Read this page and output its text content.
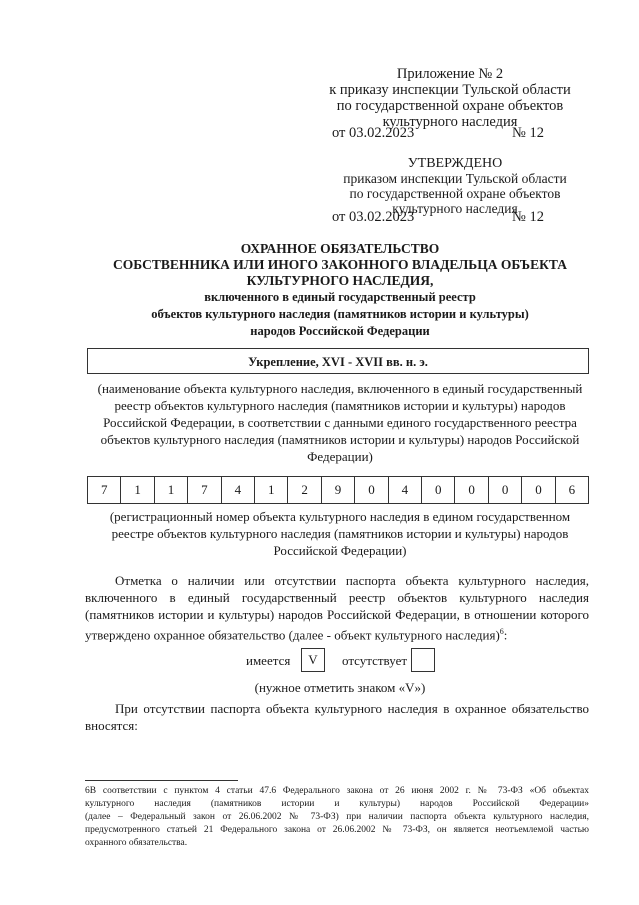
Приложение № 2
к приказу инспекции Тульской области
по государственной охране объектов
культурного наследия
от 03.02.2023	№ 12
УТВЕРЖДЕНО
приказом инспекции Тульской области
по государственной охране объектов
культурного наследия
от 03.02.2023	№ 12
ОХРАННОЕ ОБЯЗАТЕЛЬСТВО
СОБСТВЕННИКА ИЛИ ИНОГО ЗАКОННОГО ВЛАДЕЛЬЦА ОБЪЕКТА
КУЛЬТУРНОГО НАСЛЕДИЯ,
включенного в единый государственный реестр
объектов культурного наследия (памятников истории и культуры)
народов Российской Федерации
Укрепление, XVI - XVII вв. н. э.
(наименование объекта культурного наследия, включенного в единый государственный
реестр объектов культурного наследия (памятников истории и культуры) народов
Российской Федерации, в соответствии с данными единого государственного реестра
объектов культурного наследия (памятников истории и культуры) народов Российской
Федерации)
7	1	1	7	4	1	2	9	0	4	0	0	0	0	6
(регистрационный номер объекта культурного наследия в едином государственном
реестре объектов культурного наследия (памятников истории и культуры) народов
Российской Федерации)
Отметка о наличии или отсутствии паспорта объекта культурного наследия,
включенного в единый государственный реестр объектов культурного наследия
(памятников истории и культуры) народов Российской Федерации, в отношении которого
утверждено охранное обязательство (далее - объект культурного наследия)$^6$:
имеется	V	отсутствует
(нужное отметить знаком «V»)
При отсутствии паспорта объекта культурного наследия в охранное обязательство
вносятся:
6В соответствии с пунктом 4 статьи 47.6 Федерального закона от 26 июня 2002 г. № 73-ФЗ «Об объектах
культурного наследия (памятников истории и культуры) народов Российской Федерации»
(далее – Федеральный закон от 26.06.2002 № 73-ФЗ) при наличии паспорта объекта культурного наследия,
предусмотренного статьей 21 Федерального закона от 26.06.2002 № 73-ФЗ, он является неотъемлемой частью
охранного обязательства.
